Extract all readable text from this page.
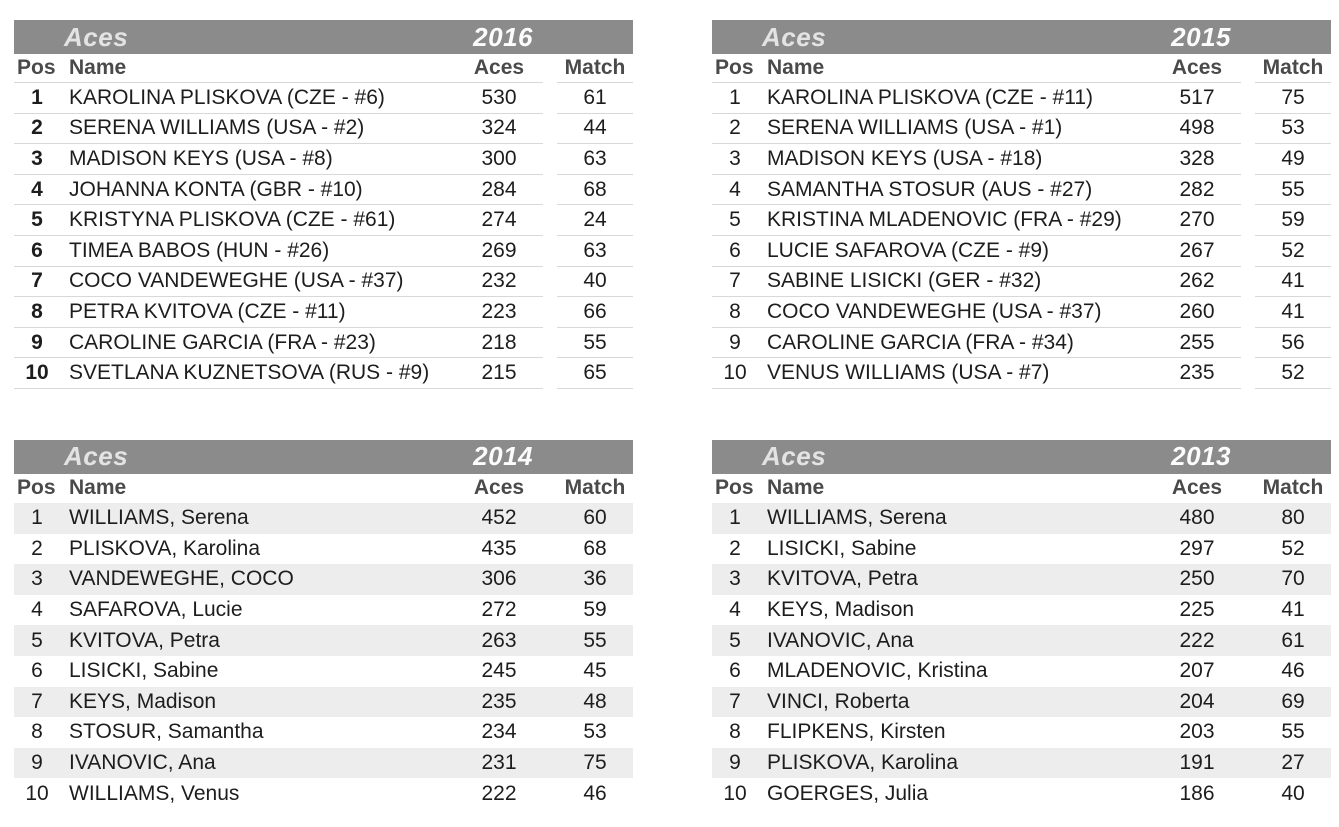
Aces	2016
Pos Name	Aces	Match
1	KAROLINA PLISKOVA (CZE - #6)	530	61
2	SERENA WILLIAMS (USA - #2)	324	44
3	MADISON KEYS (USA - #8)	300	63
4	JOHANNA KONTA (GBR - #10)	284	68
5	KRISTYNA PLISKOVA (CZE - #61)	274	24
6	TIMEA BABOS (HUN - #26)	269	63
7	COCO VANDEWEGHE (USA - #37)	232	40
8	PETRA KVITOVA (CZE - #11)	223	66
9	CAROLINE GARCIA (FRA - #23)	218	55
10 SVETLANA KUZNETSOVA (RUS - #9)	215	65
Aces	2015
Pos Name	Aces	Match
1	KAROLINA PLISKOVA (CZE - #11)	517	75
2	SERENA WILLIAMS (USA - #1)	498	53
3	MADISON KEYS (USA - #18)	328	49
4	SAMANTHA STOSUR (AUS - #27)	282	55
5	KRISTINA MLADENOVIC (FRA - #29)	270	59
6	LUCIE SAFAROVA (CZE - #9)	267	52
7	SABINE LISICKI (GER - #32)	262	41
8	COCO VANDEWEGHE (USA - #37)	260	41
9	CAROLINE GARCIA (FRA - #34)	255	56
10 VENUS WILLIAMS (USA - #7)	235	52
Aces	2014
Pos Name	Aces	Match
1	WILLIAMS, Serena	452	60
2	PLISKOVA, Karolina	435	68
3	VANDEWEGHE, COCO	306	36
4	SAFAROVA, Lucie	272	59
5	KVITOVA, Petra	263	55
6	LISICKI, Sabine	245	45
7	KEYS, Madison	235	48
8	STOSUR, Samantha	234	53
9	IVANOVIC, Ana	231	75
10 WILLIAMS, Venus	222	46
Aces	2013
Pos Name	Aces	Match
1	WILLIAMS, Serena	480	80
2	LISICKI, Sabine	297	52
3	KVITOVA, Petra	250	70
4	KEYS, Madison	225	41
5	IVANOVIC, Ana	222	61
6	MLADENOVIC, Kristina	207	46
7	VINCI, Roberta	204	69
8	FLIPKENS, Kirsten	203	55
9	PLISKOVA, Karolina	191	27
10 GOERGES, Julia	186	40
